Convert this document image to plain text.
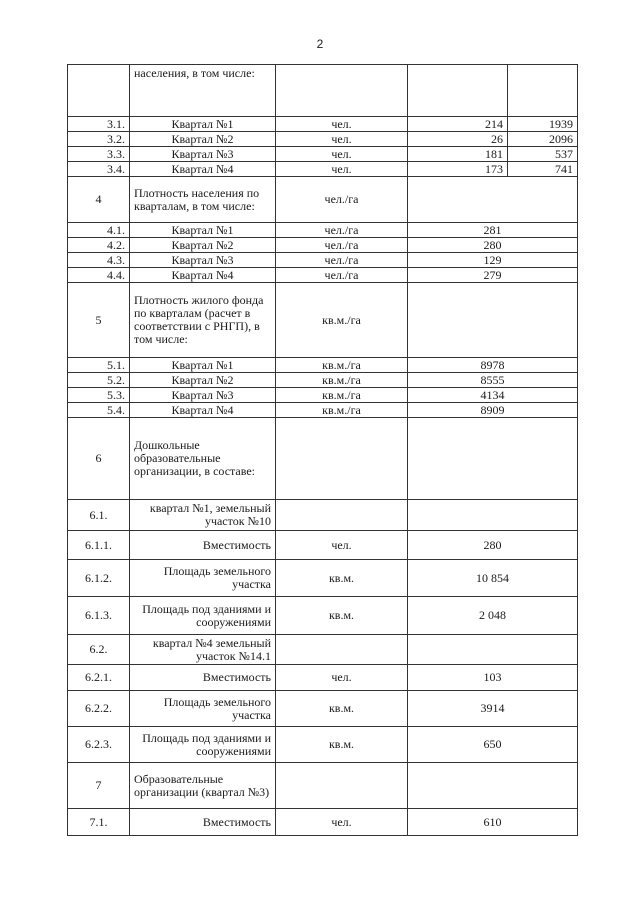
2
	населения, в том числе:			
3.1.	Квартал №1	чел.	214	1939
3.2.	Квартал №2	чел.	26	2096
3.3.	Квартал №3	чел.	181	537
3.4.	Квартал №4	чел.	173	741
4	Плотность населения по кварталам, в том числе:	чел./га		
4.1.	Квартал №1	чел./га	281	
4.2.	Квартал №2	чел./га	280	
4.3.	Квартал №3	чел./га	129	
4.4.	Квартал №4	чел./га	279	
5	Плотность жилого фонда по кварталам (расчет в соответствии с РНГП), в том числе:	кв.м./га		
5.1.	Квартал №1	кв.м./га	8978	
5.2.	Квартал №2	кв.м./га	8555	
5.3.	Квартал №3	кв.м./га	4134	
5.4.	Квартал №4	кв.м./га	8909	
6	Дошкольные образовательные организации, в составе:			
6.1.	квартал №1, земельный участок №10			
6.1.1.	Вместимость	чел.	280	
6.1.2.	Площадь земельного участка	кв.м.	10 854	
6.1.3.	Площадь под зданиями и сооружениями	кв.м.	2 048	
6.2.	квартал №4 земельный участок №14.1			
6.2.1.	Вместимость	чел.	103	
6.2.2.	Площадь земельного участка	кв.м.	3914	
6.2.3.	Площадь под зданиями и сооружениями	кв.м.	650	
7	Образовательные организации (квартал №3)			
7.1.	Вместимость	чел.	610	
